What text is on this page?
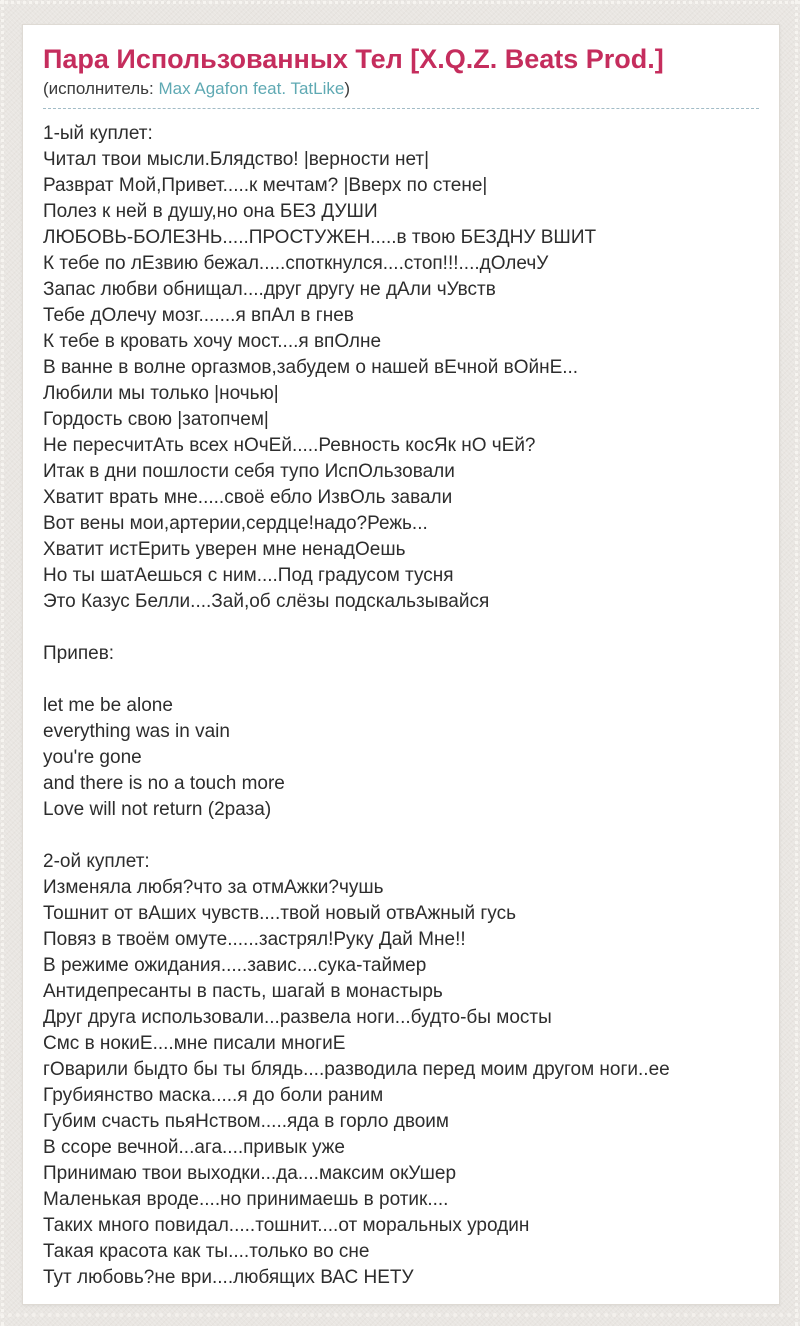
Пара Использованных Тел [X.Q.Z. Beats Prod.]
(исполнитель: Max Agafon feat. TatLike)
1-ый куплет:
Читал твои мысли.Блядство! |верности нет|
Разврат Мой,Привет.....к мечтам? |Вверх по стене|
Полез к ней в душу,но она БЕЗ ДУШИ
ЛЮБОВЬ-БОЛЕЗНЬ.....ПРОСТУЖЕН.....в твою БЕЗДНУ ВШИТ
К тебе по лЕзвию бежал.....споткнулся....стоп!!!....дОлечУ
Запас любви обнищал....друг другу не дАли чУвств
Тебе дОлечу мозг.......я впАл в гнев
К тебе в кровать хочу мост....я впОлне
В ванне в волне оргазмов,забудем о нашей вЕчной вОйнЕ...
Любили мы только |ночью|
Гордость свою |затопчем|
Не пересчитАть всех нОчЕй.....Ревность косЯк нО чЕй?
Итак в дни пошлости себя тупо ИспОльзовали
Хватит врать мне.....своё ебло ИзвОль завали
Вот вены мои,артерии,сердце!надо?Режь...
Хватит истЕрить уверен мне ненадОешь
Но ты шатАешься с ним....Под градусом тусня
Это Казус Белли....Зай,об слёзы подскальзывайся

Припев:

let me be alone
everything was in vain
you're gone
and there is no a touch more
Love will not return (2раза)

2-ой куплет:
Изменяла любя?что за отмАжки?чушь
Тошнит от вАших чувств....твой новый отвАжный гусь
Повяз в твоём омуте......застрял!Руку Дай Мне!!
В режиме ожидания.....завис....сука-таймер
Антидепресанты в пасть, шагай в монастырь
Друг друга использовали...развела ноги...будто-бы мосты
Смс в нокиЕ....мне писали многиЕ
гОварили быдто бы ты блядь....разводила перед моим другом ноги..ее
Грубиянство маска.....я до боли раним
Губим счасть пьяНством.....яда в горло двоим
В ссоре вечной...ага....привык уже
Принимаю твои выходки...да....максим окУшер
Маленькая вроде....но принимаешь в ротик....
Таких много повидал.....тошнит....от моральных уродин
Такая красота как ты....только во сне
Тут любовь?не ври....любящих ВАС НЕТУ
